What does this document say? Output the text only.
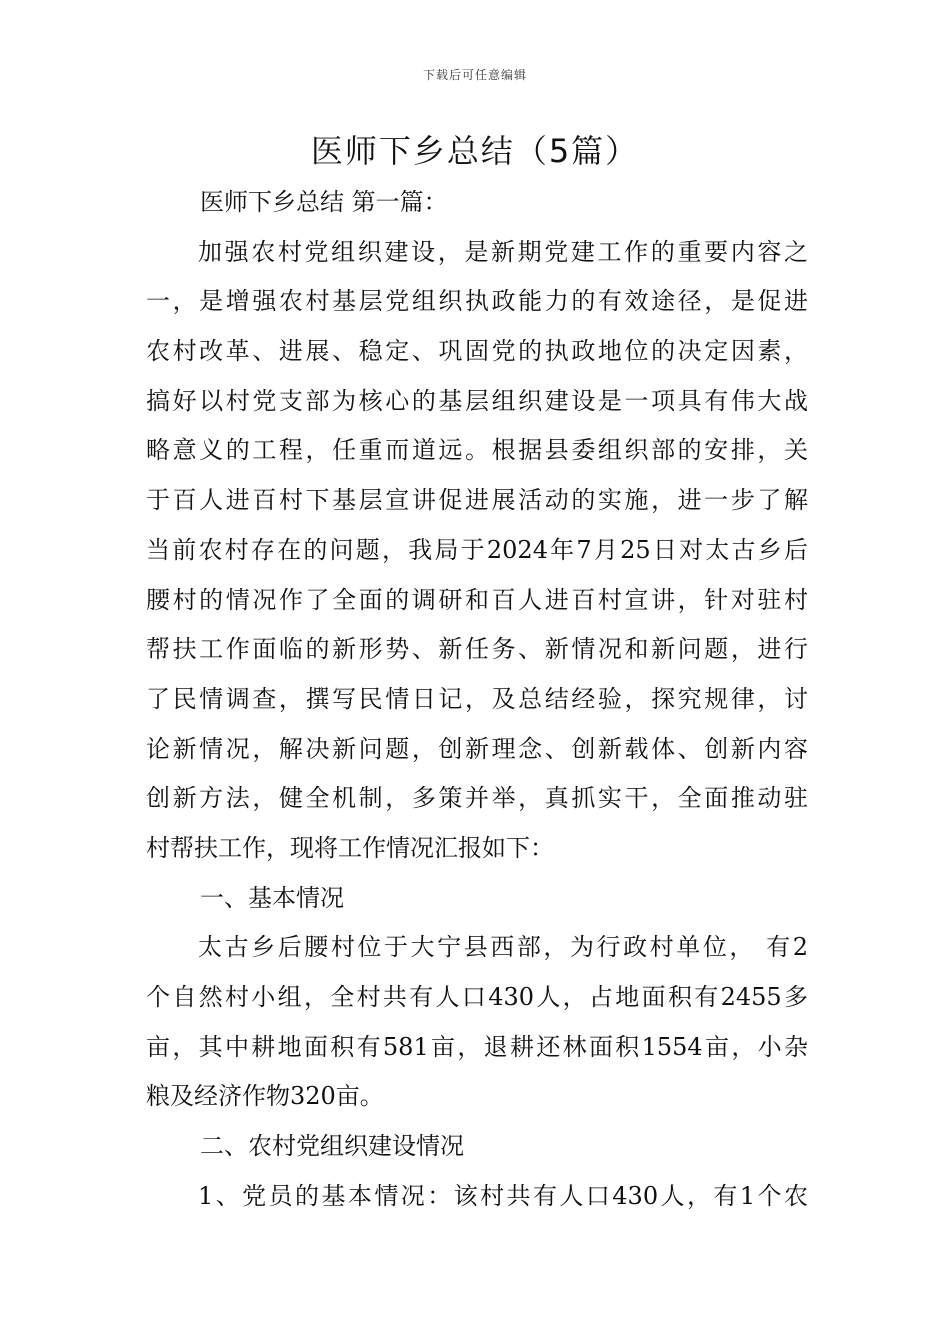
下载后可任意编辑
医师下乡总结（5篇）
医师下乡总结 第一篇：
加强农村党组织建设，是新期党建工作的重要内容之
一，是增强农村基层党组织执政能力的有效途径，是促进
农村改革、进展、稳定、巩固党的执政地位的决定因素，
搞好以村党支部为核心的基层组织建设是一项具有伟大战
略意义的工程，任重而道远。根据县委组织部的安排，关
于百人进百村下基层宣讲促进展活动的实施，进一步了解
当前农村存在的问题，我局于2024年7月25日对太古乡后
腰村的情况作了全面的调研和百人进百村宣讲，针对驻村
帮扶工作面临的新形势、新任务、新情况和新问题，进行
了民情调查，撰写民情日记，及总结经验，探究规律，讨
论新情况，解决新问题，创新理念、创新载体、创新内容
创新方法，健全机制，多策并举，真抓实干，全面推动驻
村帮扶工作，现将工作情况汇报如下：
一、基本情况
太古乡后腰村位于大宁县西部，为行政村单位， 有2
个自然村小组，全村共有人口430人，占地面积有2455多
亩，其中耕地面积有581亩，退耕还林面积1554亩，小杂
粮及经济作物320亩。
二、农村党组织建设情况
1、党员的基本情况：该村共有人口430人，有1个农
